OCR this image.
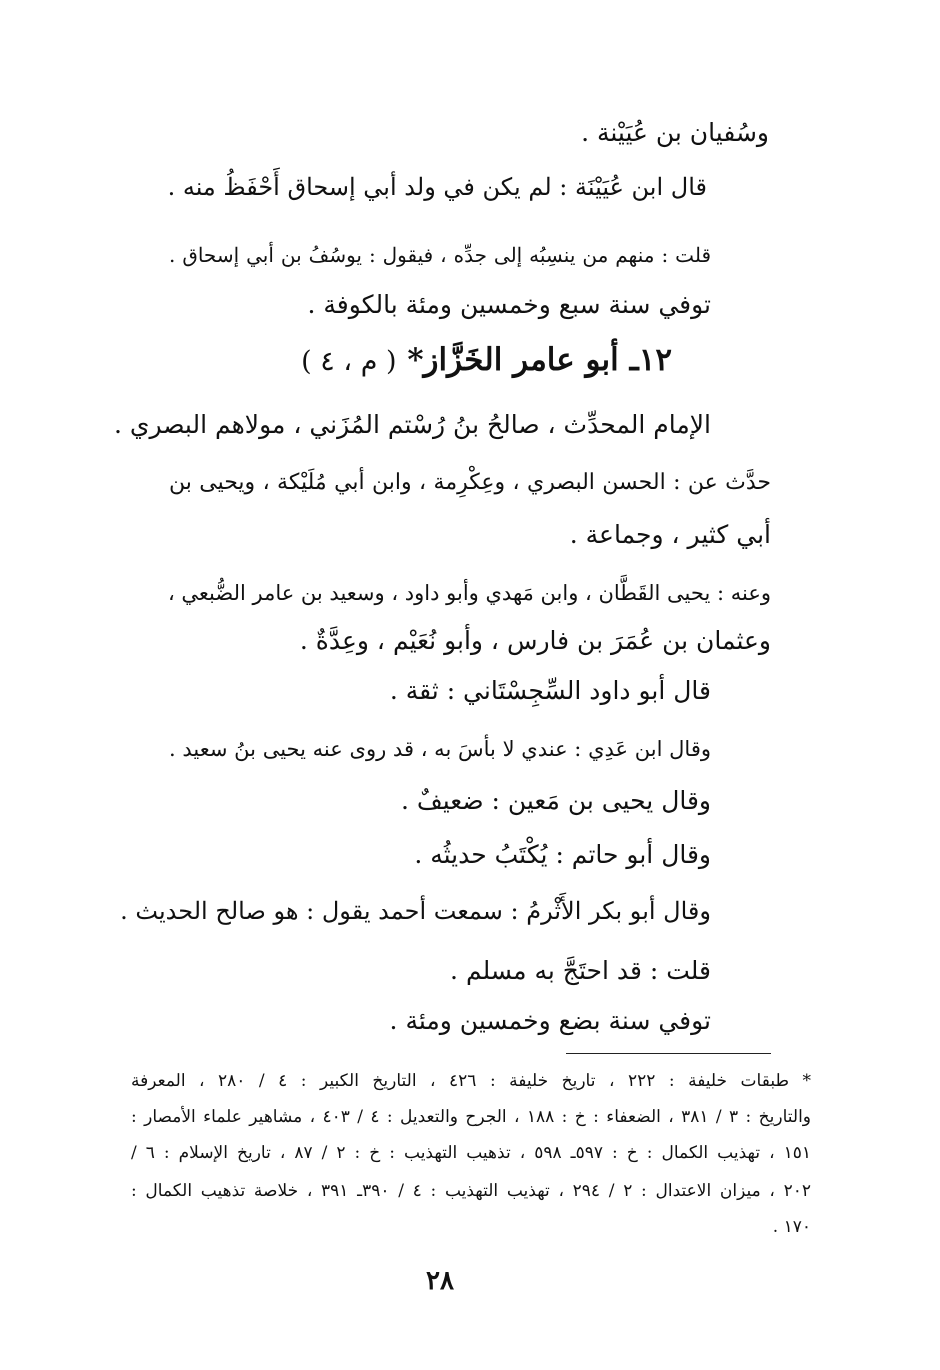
وسُفيان بن عُيَيْنة .
قال ابن عُيَيْنَة : لم يكن في ولد أبي إسحاق أَحْفَظُ منه .
قلت : منهم من ينسِبُه إلى جدِّه ، فيقول : يوسُفُ بن أبي إسحاق .
توفي سنة سبع وخمسين ومئة بالكوفة .
١٢ـ أبو عامر الخَزَّاز* ( م ، ٤ )
الإمام المحدِّث ، صالحُ بنُ رُسْتم المُزَني ، مولاهم البصري .
حدَّث عن : الحسن البصري ، وعِكْرِمة ، وابن أبي مُلَيْكة ، ويحيى بن
أبي كثير ، وجماعة .
وعنه : يحيى القَطَّان ، وابن مَهدي وأبو داود ، وسعيد بن عامر الضُّبعي ،
وعثمان بن عُمَرَ بن فارس ، وأبو نُعَيْم ، وعِدَّةٌ .
قال أبو داود السِّجِسْتَاني : ثقة .
وقال ابن عَدِي : عندي لا بأسَ به ، قد روى عنه يحيى بنُ سعيد .
وقال يحيى بن مَعين : ضعيفٌ .
وقال أبو حاتم : يُكْتَبُ حديثُه .
وقال أبو بكر الأَثْرمُ : سمعت أحمد يقول : هو صالح الحديث .
قلت : قد احتَجَّ به مسلم .
توفي سنة بضع وخمسين ومئة .
* طبقات خليفة : ٢٢٢ ، تاريخ خليفة : ٤٢٦ ، التاريخ الكبير : ٤ / ٢٨٠ ، المعرفة
والتاريخ : ٣ / ٣٨١ ، الضعفاء : خ : ١٨٨ ، الجرح والتعديل : ٤ / ٤٠٣ ، مشاهير علماء الأمصار :
١٥١ ، تهذيب الكمال : خ : ٥٩٧ـ ٥٩٨ ، تذهيب التهذيب : خ : ٢ / ٨٧ ، تاريخ الإسلام : ٦ /
٢٠٢ ، ميزان الاعتدال : ٢ / ٢٩٤ ، تهذيب التهذيب : ٤ / ٣٩٠ـ ٣٩١ ، خلاصة تذهيب الكمال :
١٧٠ .
٢٨
